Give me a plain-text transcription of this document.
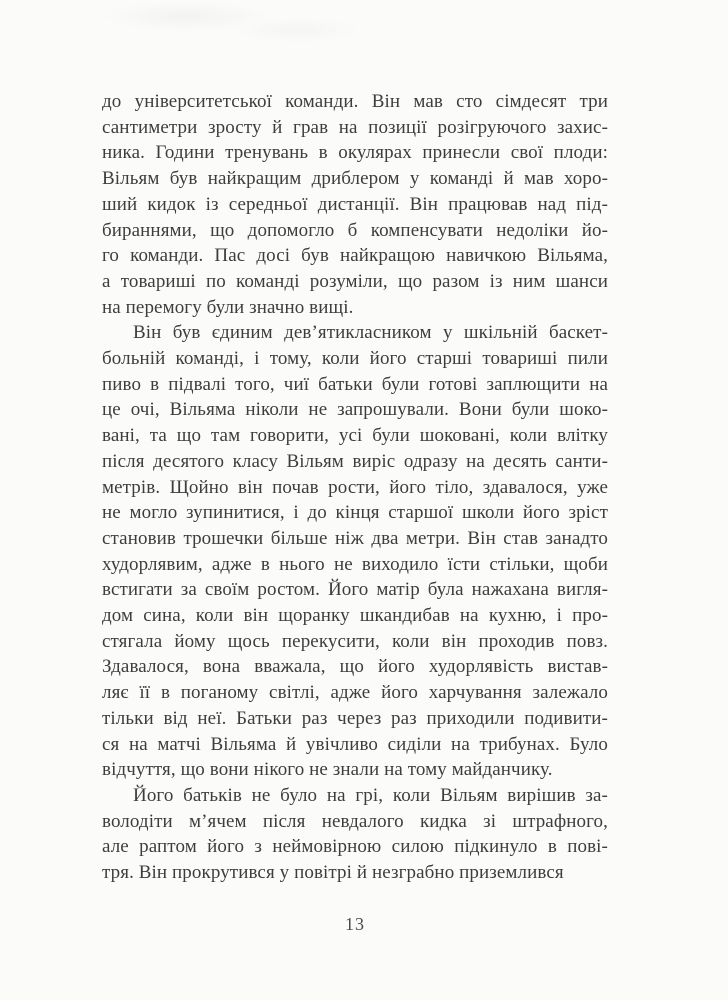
до університетської команди. Він мав сто сімдесят три
сантиметри зросту й грав на позиції розігруючого захис-
ника. Години тренувань в окулярах принесли свої плоди:
Вільям був найкращим дриблером у команді й мав хоро-
ший кидок із середньої дистанції. Він працював над під-
бираннями, що допомогло б компенсувати недоліки йо-
го команди. Пас досі був найкращою навичкою Вільяма,
а товариші по команді розуміли, що разом із ним шанси
на перемогу були значно вищі.
Він був єдиним дев’ятикласником у шкільній баскет-
больній команді, і тому, коли його старші товариші пили
пиво в підвалі того, чиї батьки були готові заплющити на
це очі, Вільяма ніколи не запрошували. Вони були шоко-
вані, та що там говорити, усі були шоковані, коли влітку
після десятого класу Вільям виріс одразу на десять санти-
метрів. Щойно він почав рости, його тіло, здавалося, уже
не могло зупинитися, і до кінця старшої школи його зріст
становив трошечки більше ніж два метри. Він став занадто
худорлявим, адже в нього не виходило їсти стільки, щоби
встигати за своїм ростом. Його матір була нажахана вигля-
дом сина, коли він щоранку шкандибав на кухню, і про-
стягала йому щось перекусити, коли він проходив повз.
Здавалося, вона вважала, що його худорлявість вистав-
ляє її в поганому світлі, адже його харчування залежало
тільки від неї. Батьки раз через раз приходили подивити-
ся на матчі Вільяма й увічливо сиділи на трибунах. Було
відчуття, що вони нікого не знали на тому майданчику.
Його батьків не було на грі, коли Вільям вирішив за-
володіти м’ячем після невдалого кидка зі штрафного,
але раптом його з неймовірною силою підкинуло в пові-
тря. Він прокрутився у повітрі й незграбно приземлився
13
